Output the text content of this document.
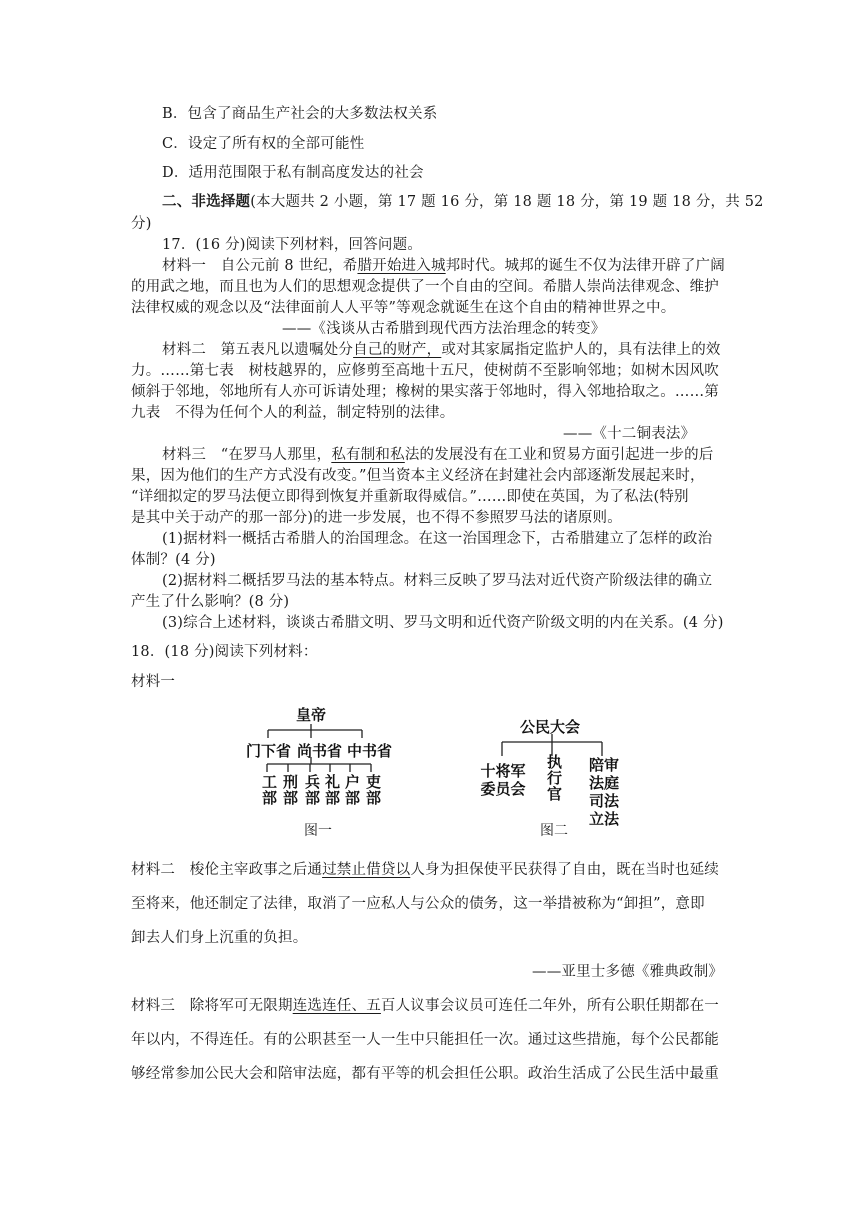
B．包含了商品生产社会的大多数法权关系
C．设定了所有权的全部可能性
D．适用范围限于私有制高度发达的社会
二、非选择题(本大题共 2 小题，第 17 题 16 分，第 18 题 18 分，第 19 题 18 分，共 52
分)
17．(16 分)阅读下列材料，回答问题。
材料一　自公元前 8 世纪，希腊开始进入城邦时代。城邦的诞生不仅为法律开辟了广阔
的用武之地，而且也为人们的思想观念提供了一个自由的空间。希腊人崇尚法律观念、维护
法律权威的观念以及“法律面前人人平等”等观念就诞生在这个自由的精神世界之中。
——《浅谈从古希腊到现代西方法治理念的转变》
材料二　第五表凡以遗嘱处分自己的财产，或对其家属指定监护人的，具有法律上的效
力。……第七表　树枝越界的，应修剪至高地十五尺，使树荫不至影响邻地；如树木因风吹
倾斜于邻地，邻地所有人亦可诉请处理；橡树的果实落于邻地时，得入邻地拾取之。……第
九表　不得为任何个人的利益，制定特别的法律。
——《十二铜表法》
材料三　“在罗马人那里，私有制和私法的发展没有在工业和贸易方面引起进一步的后
果，因为他们的生产方式没有改变。”但当资本主义经济在封建社会内部逐渐发展起来时，
“详细拟定的罗马法便立即得到恢复并重新取得威信。”……即使在英国，为了私法(特别
是其中关于动产的那一部分)的进一步发展，也不得不参照罗马法的诸原则。
(1)据材料一概括古希腊人的治国理念。在这一治国理念下，古希腊建立了怎样的政治
体制？(4 分)
(2)据材料二概括罗马法的基本特点。材料三反映了罗马法对近代资产阶级法律的确立
产生了什么影响？(8 分)
(3)综合上述材料，谈谈古希腊文明、罗马文明和近代资产阶级文明的内在关系。(4 分)
18．(18 分)阅读下列材料：
材料一
皇帝
门下省 尚书省 中书省
工部 刑部 兵部 礼部 户部 吏部
图一
公民大会
十将军
委员会 执行官	陪审
法庭
司法
立法
图二
材料二　梭伦主宰政事之后通过禁止借贷以人身为担保使平民获得了自由，既在当时也延续
至将来，他还制定了法律，取消了一应私人与公众的债务，这一举措被称为“卸担”，意即
卸去人们身上沉重的负担。
——亚里士多德《雅典政制》
材料三　除将军可无限期连选连任、五百人议事会议员可连任二年外，所有公职任期都在一
年以内，不得连任。有的公职甚至一人一生中只能担任一次。通过这些措施，每个公民都能
够经常参加公民大会和陪审法庭，都有平等的机会担任公职。政治生活成了公民生活中最重
